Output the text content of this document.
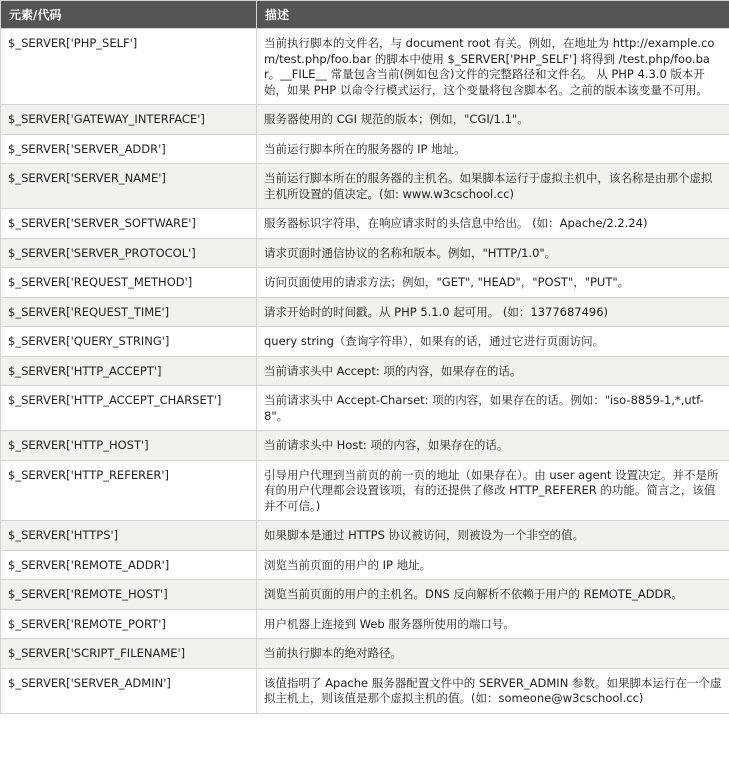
元素/代码	描述
$_SERVER['PHP_SELF']	当前执行脚本的文件名，与 document root 有关。例如，在地址为 http://example.com/test.php/foo.bar 的脚本中使用 $_SERVER['PHP_SELF'] 将得到 /test.php/foo.bar。__FILE__ 常量包含当前(例如包含)文件的完整路径和文件名。 从 PHP 4.3.0 版本开始，如果 PHP 以命令行模式运行，这个变量将包含脚本名。之前的版本该变量不可用。
$_SERVER['GATEWAY_INTERFACE']	服务器使用的 CGI 规范的版本；例如，"CGI/1.1"。
$_SERVER['SERVER_ADDR']	当前运行脚本所在的服务器的 IP 地址。
$_SERVER['SERVER_NAME']	当前运行脚本所在的服务器的主机名。如果脚本运行于虚拟主机中，该名称是由那个虚拟主机所设置的值决定。(如: www.w3cschool.cc)
$_SERVER['SERVER_SOFTWARE']	服务器标识字符串，在响应请求时的头信息中给出。 (如：Apache/2.2.24)
$_SERVER['SERVER_PROTOCOL']	请求页面时通信协议的名称和版本。例如，"HTTP/1.0"。
$_SERVER['REQUEST_METHOD']	访问页面使用的请求方法；例如，"GET", "HEAD"，"POST"，"PUT"。
$_SERVER['REQUEST_TIME']	请求开始时的时间戳。从 PHP 5.1.0 起可用。 (如：1377687496)
$_SERVER['QUERY_STRING']	query string（查询字符串），如果有的话，通过它进行页面访问。
$_SERVER['HTTP_ACCEPT']	当前请求头中 Accept: 项的内容，如果存在的话。
$_SERVER['HTTP_ACCEPT_CHARSET']	当前请求头中 Accept-Charset: 项的内容，如果存在的话。例如："iso-8859-1,*,utf-8"。
$_SERVER['HTTP_HOST']	当前请求头中 Host: 项的内容，如果存在的话。
$_SERVER['HTTP_REFERER']	引导用户代理到当前页的前一页的地址（如果存在）。由 user agent 设置决定。并不是所有的用户代理都会设置该项，有的还提供了修改 HTTP_REFERER 的功能。简言之，该值并不可信。)
$_SERVER['HTTPS']	如果脚本是通过 HTTPS 协议被访问，则被设为一个非空的值。
$_SERVER['REMOTE_ADDR']	浏览当前页面的用户的 IP 地址。
$_SERVER['REMOTE_HOST']	浏览当前页面的用户的主机名。DNS 反向解析不依赖于用户的 REMOTE_ADDR。
$_SERVER['REMOTE_PORT']	用户机器上连接到 Web 服务器所使用的端口号。
$_SERVER['SCRIPT_FILENAME']	当前执行脚本的绝对路径。
$_SERVER['SERVER_ADMIN']	该值指明了 Apache 服务器配置文件中的 SERVER_ADMIN 参数。如果脚本运行在一个虚拟主机上，则该值是那个虚拟主机的值。(如：someone@w3cschool.cc)
